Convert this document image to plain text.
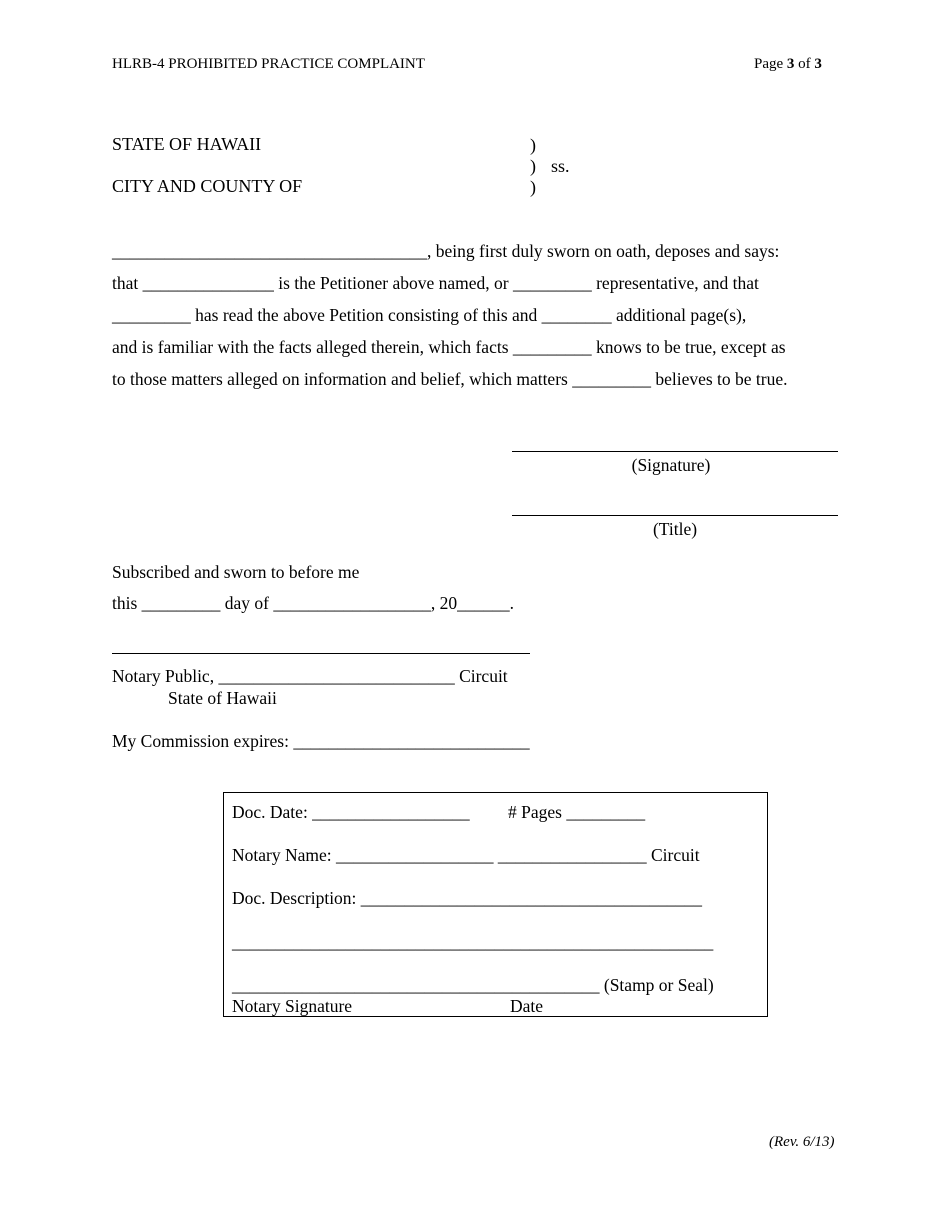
HLRB-4 PROHIBITED PRACTICE COMPLAINT	Page 3 of 3
STATE OF HAWAII
CITY AND COUNTY OF
)
) ss.
)
____________________________________, being first duly sworn on oath, deposes and says:
that _______________ is the Petitioner above named, or _________ representative, and that
_________ has read the above Petition consisting of this and ________ additional page(s),
and is familiar with the facts alleged therein, which facts _________ knows to be true, except as
to those matters alleged on information and belief, which matters _________ believes to be true.
(Signature)
(Title)
Subscribed and sworn to before me
this _________ day of __________________, 20______.
Notary Public, ___________________________ Circuit
State of Hawaii
My Commission expires: ___________________________
Doc. Date: __________________ # Pages _________
Notary Name: __________________ _________________ Circuit
Doc. Description: _______________________________________
_______________________________________________________
__________________________________________ (Stamp or Seal)
Notary Signature	Date
(Rev. 6/13)
